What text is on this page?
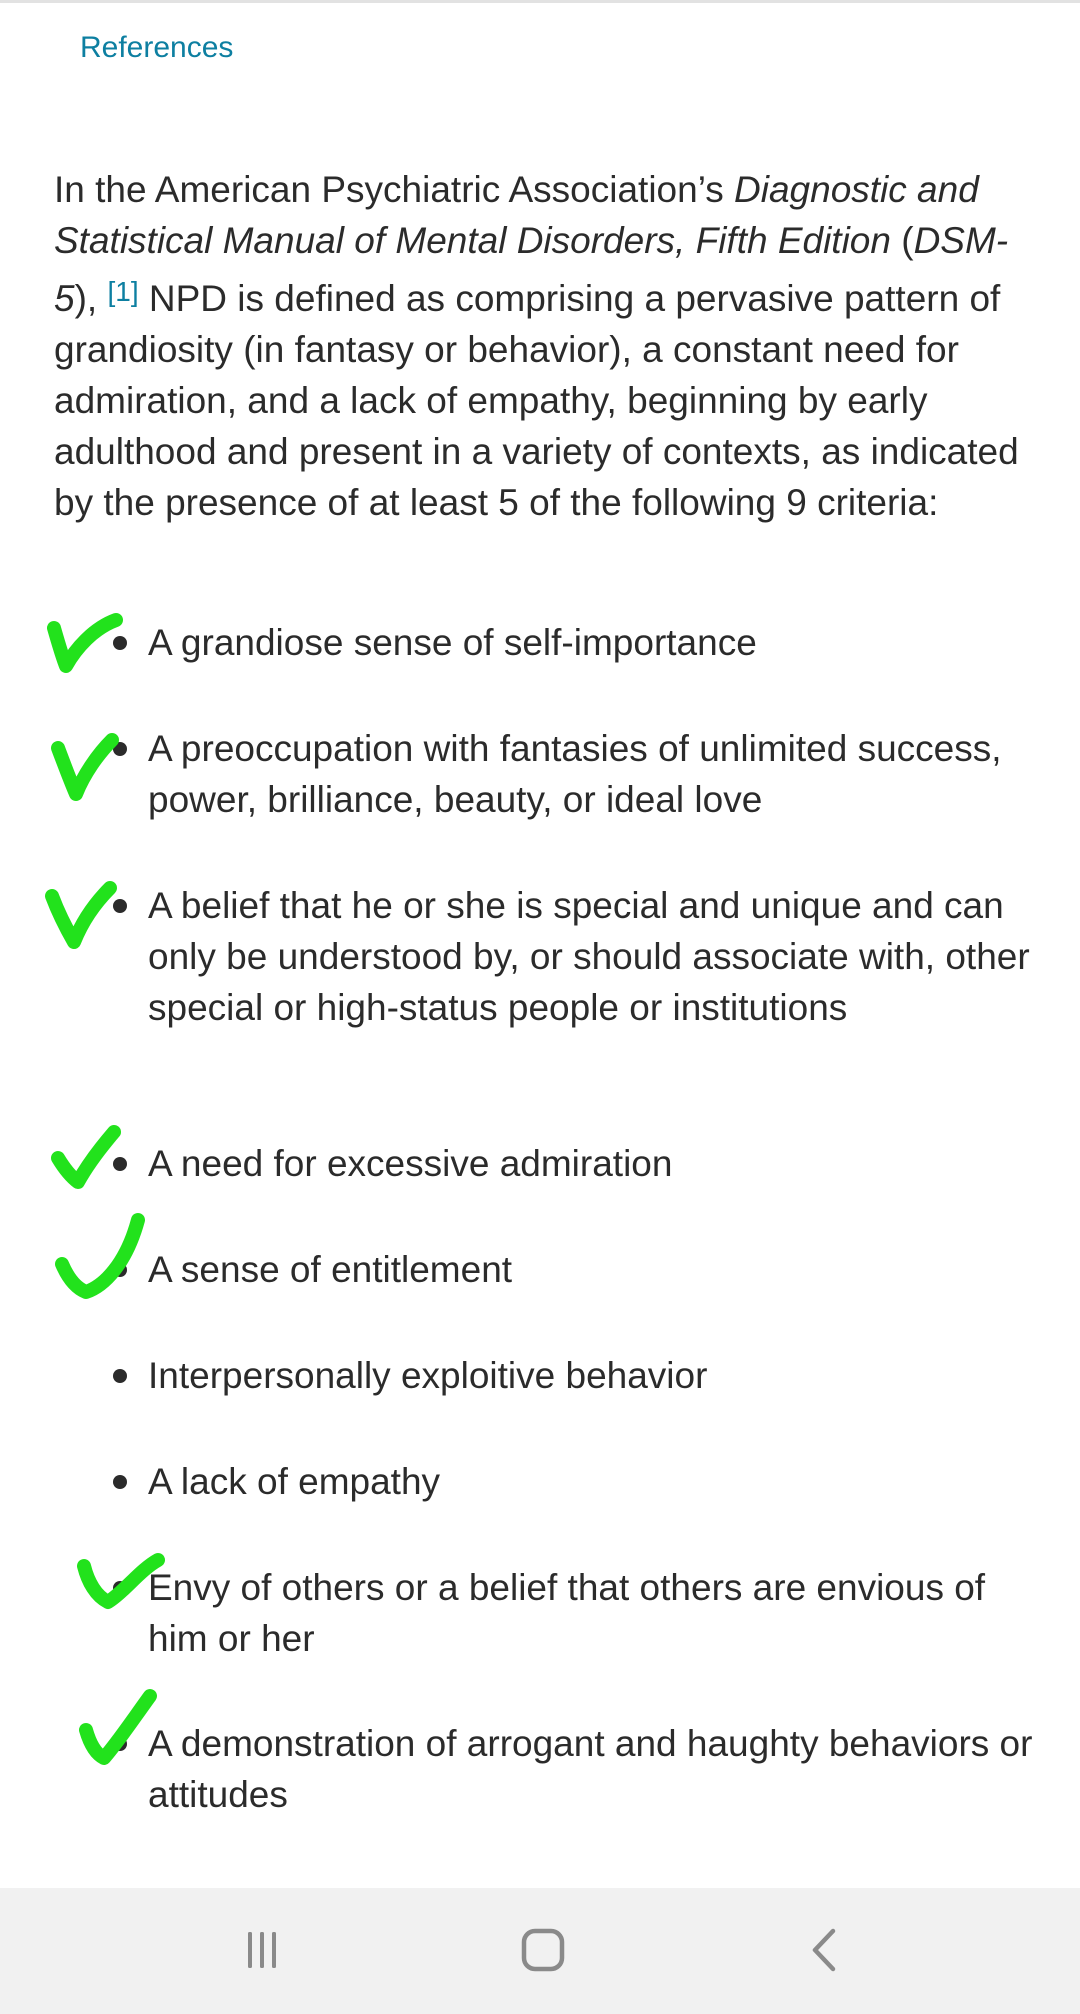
References

In the American Psychiatric Association’s Diagnostic and Statistical Manual of Mental Disorders, Fifth Edition (DSM-5), [1] NPD is defined as comprising a pervasive pattern of grandiosity (in fantasy or behavior), a constant need for admiration, and a lack of empathy, beginning by early adulthood and present in a variety of contexts, as indicated by the presence of at least 5 of the following 9 criteria:

A grandiose sense of self-importance
A preoccupation with fantasies of unlimited success, power, brilliance, beauty, or ideal love
A belief that he or she is special and unique and can only be understood by, or should associate with, other special or high-status people or institutions
A need for excessive admiration
A sense of entitlement
Interpersonally exploitive behavior
A lack of empathy
Envy of others or a belief that others are envious of him or her
A demonstration of arrogant and haughty behaviors or attitudes
